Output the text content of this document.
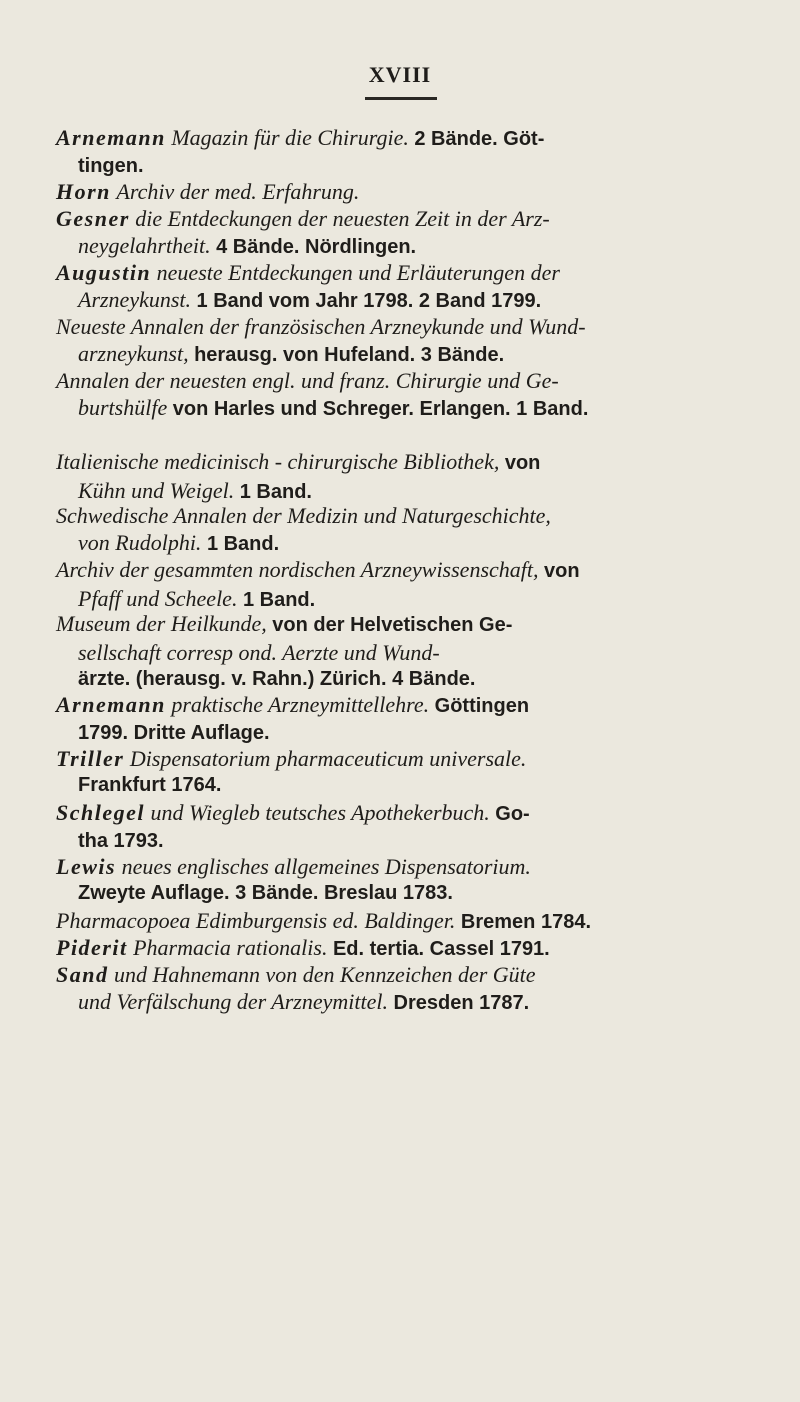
XVIII
Arnemann Magazin für die Chirurgie. 2 Bände. Göt-
tingen.
Horn Archiv der med. Erfahrung.
Gesner die Entdeckungen der neuesten Zeit in der Arz-
neygelahrtheit. 4 Bände. Nördlingen.
Augustin neueste Entdeckungen und Erläuterungen der
Arzneykunst. 1 Band vom Jahr 1798. 2 Band 1799.
Neueste Annalen der französischen Arzneykunde und Wund-
arzneykunst, herausg. von Hufeland. 3 Bände.
Annalen der neuesten engl. und franz. Chirurgie und Ge-
burtshülfe von Harles und Schreger. Erlangen. 1 Band.
Italienische medicinisch - chirurgische Bibliothek, von
Kühn und Weigel. 1 Band.
Schwedische Annalen der Medizin und Naturgeschichte,
von Rudolphi. 1 Band.
Archiv der gesammten nordischen Arzneywissenschaft, von
Pfaff und Scheele. 1 Band.
Museum der Heilkunde, von der Helvetischen Ge-
sellschaft corresp ond. Aerzte und Wund-
ärzte. (herausg. v. Rahn.) Zürich. 4 Bände.
Arnemann praktische Arzneymittellehre. Göttingen
1799. Dritte Auflage.
Triller Dispensatorium pharmaceuticum universale.
Frankfurt 1764.
Schlegel und Wiegleb teutsches Apothekerbuch. Go-
tha 1793.
Lewis neues englisches allgemeines Dispensatorium.
Zweyte Auflage. 3 Bände. Breslau 1783.
Pharmacopoea Edimburgensis ed. Baldinger. Bremen 1784.
Piderit Pharmacia rationalis. Ed. tertia. Cassel 1791.
Sand und Hahnemann von den Kennzeichen der Güte
und Verfälschung der Arzneymittel. Dresden 1787.
